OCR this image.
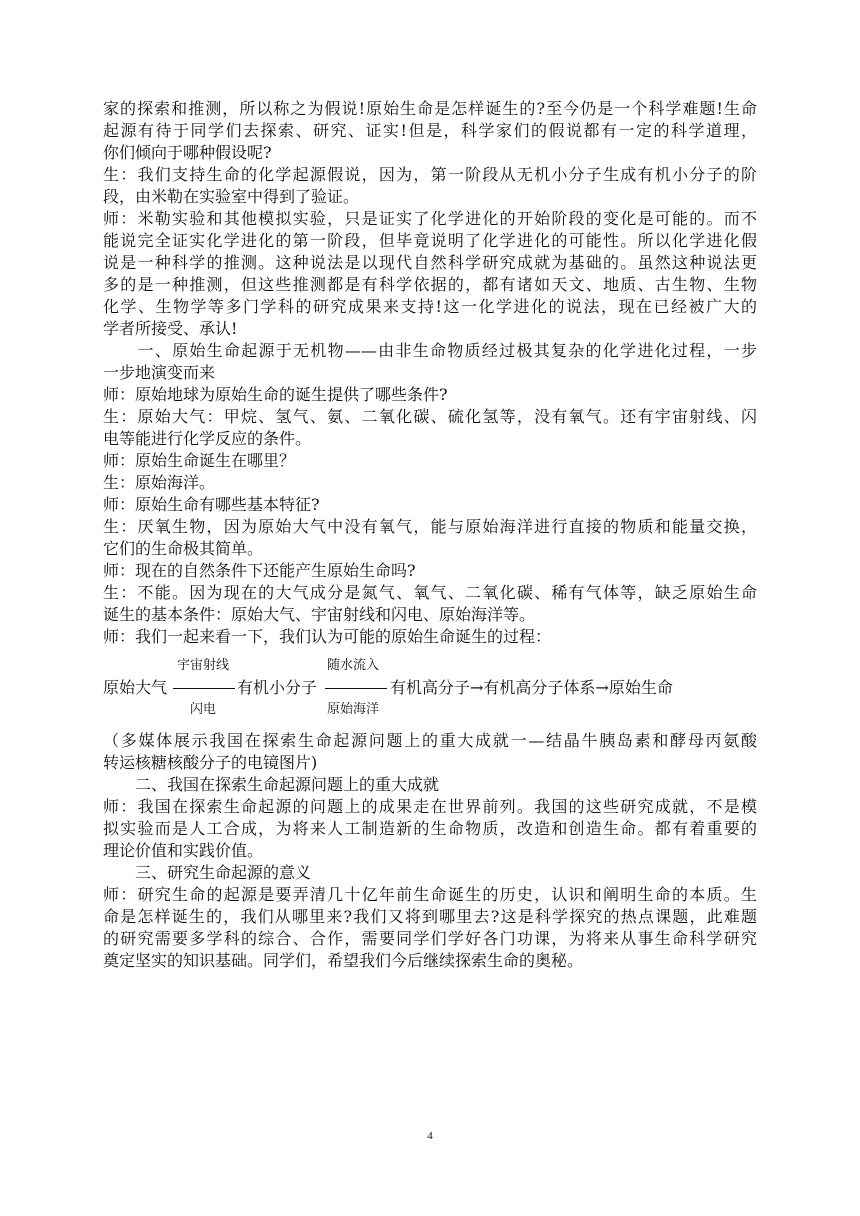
家的探索和推测，所以称之为假说!原始生命是怎样诞生的?至今仍是一个科学难题!生命
起源有待于同学们去探索、研究、证实!但是，科学家们的假说都有一定的科学道理，
你们倾向于哪种假设呢?
生：我们支持生命的化学起源假说，因为，第一阶段从无机小分子生成有机小分子的阶
段，由米勒在实验室中得到了验证。
师：米勒实验和其他模拟实验，只是证实了化学进化的开始阶段的变化是可能的。而不
能说完全证实化学进化的第一阶段，但毕竟说明了化学进化的可能性。所以化学进化假
说是一种科学的推测。这种说法是以现代自然科学研究成就为基础的。虽然这种说法更
多的是一种推测，但这些推测都是有科学依据的，都有诸如天文、地质、古生物、生物
化学、生物学等多门学科的研究成果来支持!这一化学进化的说法，现在已经被广大的
学者所接受、承认!
　　一、原始生命起源于无机物——由非生命物质经过极其复杂的化学进化过程，一步
一步地演变而来
师：原始地球为原始生命的诞生提供了哪些条件?
生：原始大气：甲烷、氢气、氨、二氧化碳、硫化氢等，没有氧气。还有宇宙射线、闪
电等能进行化学反应的条件。
师：原始生命诞生在哪里？
生：原始海洋。
师：原始生命有哪些基本特征?
生：厌氧生物，因为原始大气中没有氧气，能与原始海洋进行直接的物质和能量交换，
它们的生命极其简单。
师：现在的自然条件下还能产生原始生命吗?
生：不能。因为现在的大气成分是氮气、氧气、二氧化碳、稀有气体等，缺乏原始生命
诞生的基本条件：原始大气、宇宙射线和闪电、原始海洋等。
师：我们一起来看一下，我们认为可能的原始生命诞生的过程：
原始大气
宇宙射线
闪电
有机小分子
随水流入
原始海洋
有机高分子→有机高分子体系→原始生命
（多媒体展示我国在探索生命起源问题上的重大成就一—结晶牛胰岛素和酵母丙氨酸
转运核糖核酸分子的电镜图片)
　　二、我国在探索生命起源问题上的重大成就
师：我国在探索生命起源的问题上的成果走在世界前列。我国的这些研究成就，不是模
拟实验而是人工合成，为将来人工制造新的生命物质，改造和创造生命。都有着重要的
理论价值和实践价值。
　　三、研究生命起源的意义
师：研究生命的起源是要弄清几十亿年前生命诞生的历史，认识和阐明生命的本质。生
命是怎样诞生的，我们从哪里来?我们又将到哪里去?这是科学探究的热点课题，此难题
的研究需要多学科的综合、合作，需要同学们学好各门功课，为将来从事生命科学研究
奠定坚实的知识基础。同学们，希望我们今后继续探索生命的奥秘。
4
